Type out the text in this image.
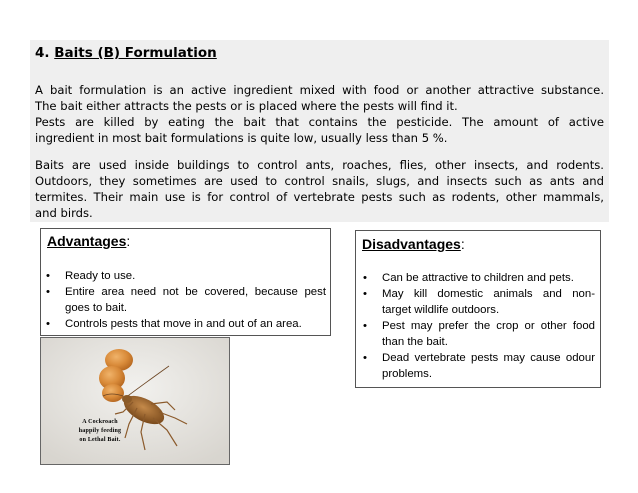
4. Baits (B) Formulation
A bait formulation is an active ingredient mixed with food or another attractive substance.
The bait either attracts the pests or is placed where the pests will find it.
Pests are killed by eating the bait that contains the pesticide. The amount of active
ingredient in most bait formulations is quite low, usually less than 5 %.
Baits are used inside buildings to control ants, roaches, flies, other insects, and rodents.
Outdoors, they sometimes are used to control snails, slugs, and insects such as ants and
termites. Their main use is for control of vertebrate pests such as rodents, other mammals,
and birds.
Advantages:
• Ready to use.
• Entire area need not be covered, because pest
goes to bait.
• Controls pests that move in and out of an area.
Disadvantages:
• Can be attractive to children and pets.
• May kill domestic animals and non-
target wildlife outdoors.
• Pest may prefer the crop or other food
than the bait.
• Dead vertebrate pests may cause odour
problems.
A Cockroach
happily feeding
on Lethal Bait.
